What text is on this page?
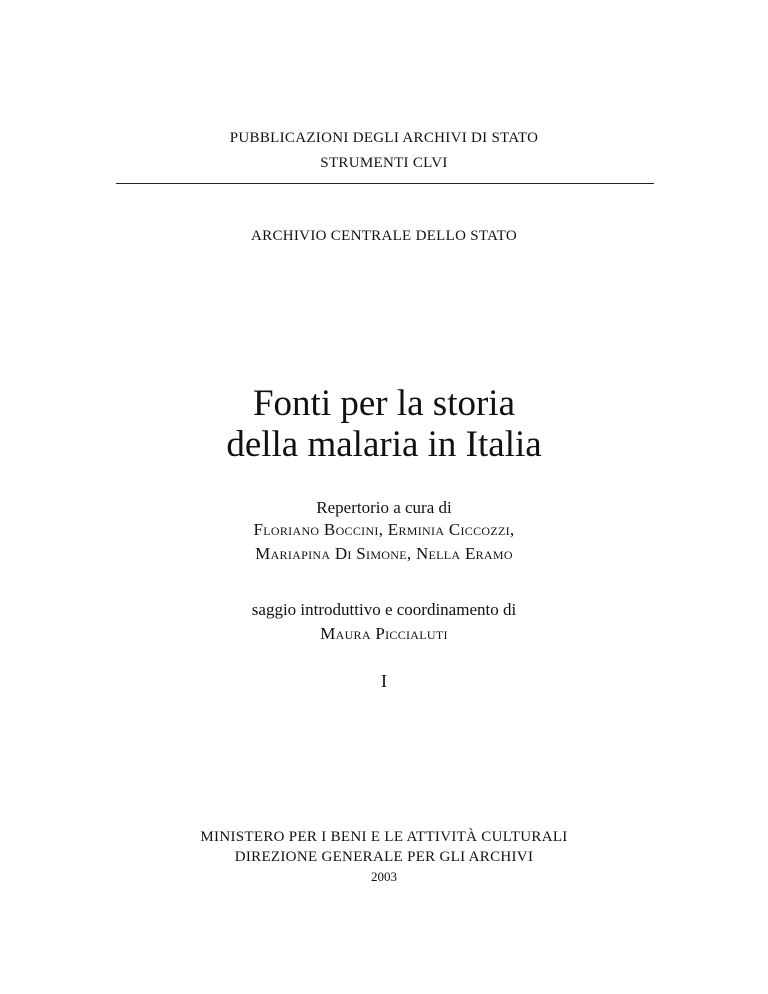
PUBBLICAZIONI DEGLI ARCHIVI DI STATO
STRUMENTI CLVI
ARCHIVIO CENTRALE DELLO STATO
Fonti per la storia
della malaria in Italia
Repertorio a cura di
Floriano Boccini, Erminia Ciccozzi,
Mariapina Di Simone, Nella Eramo
saggio introduttivo e coordinamento di
Maura Piccialuti
I
MINISTERO PER I BENI E LE ATTIVITÀ CULTURALI
DIREZIONE GENERALE PER GLI ARCHIVI
2003
